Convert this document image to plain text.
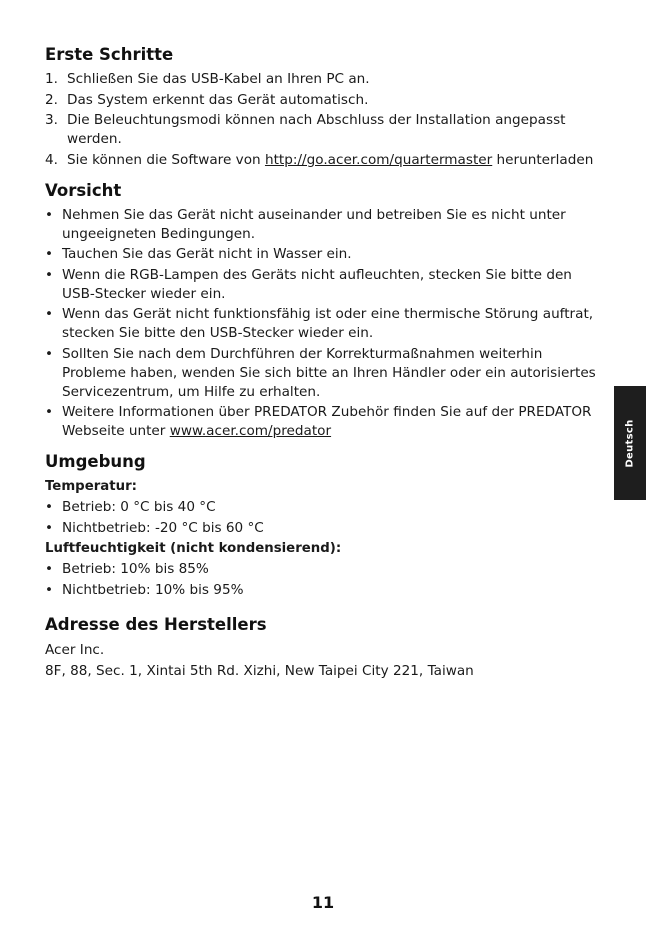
Erste Schritte
1. Schließen Sie das USB-Kabel an Ihren PC an.
2. Das System erkennt das Gerät automatisch.
3. Die Beleuchtungsmodi können nach Abschluss der Installation angepasst werden.
4. Sie können die Software von http://go.acer.com/quartermaster herunterladen
Vorsicht
• Nehmen Sie das Gerät nicht auseinander und betreiben Sie es nicht unter ungeeigneten Bedingungen.
• Tauchen Sie das Gerät nicht in Wasser ein.
• Wenn die RGB-Lampen des Geräts nicht aufleuchten, stecken Sie bitte den USB-Stecker wieder ein.
• Wenn das Gerät nicht funktionsfähig ist oder eine thermische Störung auftrat, stecken Sie bitte den USB-Stecker wieder ein.
• Sollten Sie nach dem Durchführen der Korrekturmaßnahmen weiterhin Probleme haben, wenden Sie sich bitte an Ihren Händler oder ein autorisiertes Servicezentrum, um Hilfe zu erhalten.
• Weitere Informationen über PREDATOR Zubehör finden Sie auf der PREDATOR Webseite unter www.acer.com/predator
Umgebung
Temperatur:
• Betrieb: 0 °C bis 40 °C
• Nichtbetrieb: -20 °C bis 60 °C
Luftfeuchtigkeit (nicht kondensierend):
• Betrieb: 10% bis 85%
• Nichtbetrieb: 10% bis 95%
Adresse des Herstellers

Acer Inc.

8F, 88, Sec. 1, Xintai 5th Rd. Xizhi, New Taipei City 221, Taiwan

Deutsch
11
